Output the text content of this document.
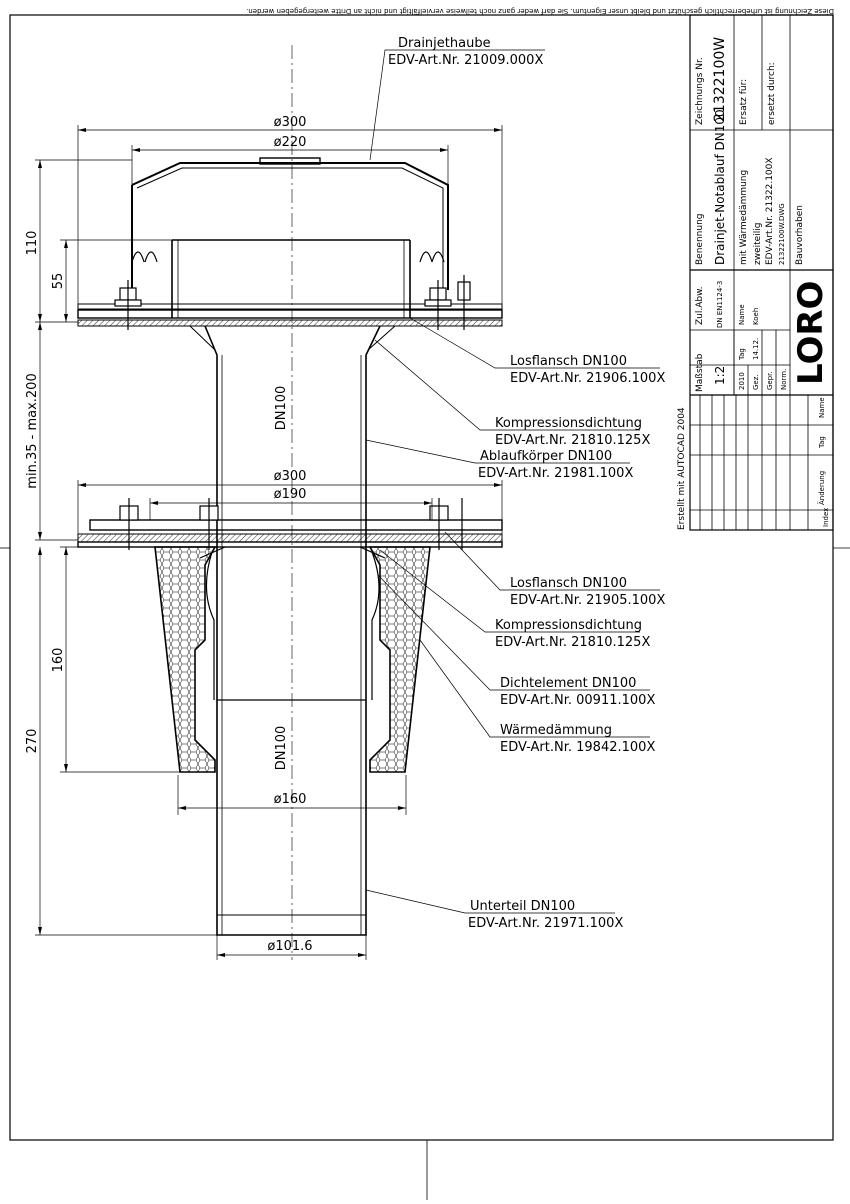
Diese Zeichnung ist urheberrechtlich geschützt und bleibt unser Eigentum. Sie darf weder ganz noch teilweise vervielfältigt und nicht an Dritte weitergegeben werden.
ø300
ø220
110
55
min.35 - max.200	DN100
ø300
ø190
160
270	DN100
ø160
ø101.6
Drainjethaube
EDV-Art.Nr. 21009.000X
Losflansch DN100
EDV-Art.Nr. 21906.100X
Kompressionsdichtung
EDV-Art.Nr. 21810.125X
Ablaufkörper DN100
EDV-Art.Nr. 21981.100X
Losflansch DN100
EDV-Art.Nr. 21905.100X
Kompressionsdichtung
EDV-Art.Nr. 21810.125X
Dichtelement DN100
EDV-Art.Nr. 00911.100X
Wärmedämmung
EDV-Art.Nr. 19842.100X
Unterteil DN100
EDV-Art.Nr. 21971.100X
Zeichnungs Nr. 21322100W Ersatz für: ersetzt durch:
Benennung Drainjet-Notablauf DN100 mit Wärmedämmung zweiteilig EDV-Art.Nr. 21322.100X 21322100W.DWG Bauvorhaben
Maßstab 1:2
Zul.Abw. DN EN1124-3
2010
Tag
Name
Gez.
14.12.
Koeh
Gepr. Norm. LORO
Index
Änderung
Tag
Name
Erstellt mit AUTOCAD 2004
